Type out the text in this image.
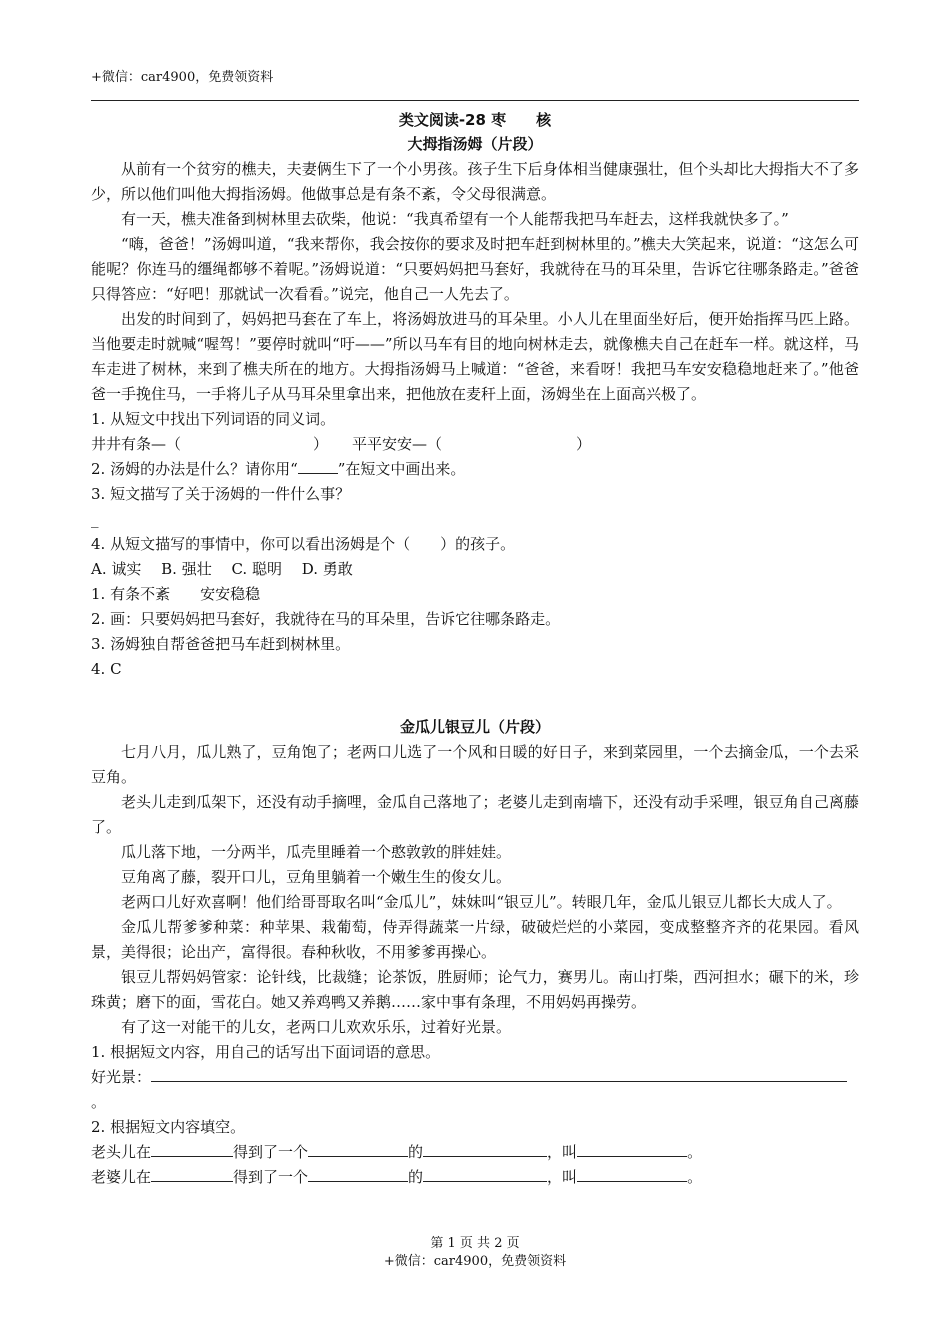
+微信：car4900，免费领资料
类文阅读-28 枣　　核
大拇指汤姆（片段）

从前有一个贫穷的樵夫，夫妻俩生下了一个小男孩。孩子生下后身体相当健康强壮，但个头却比大拇指大不了多少，所以他们叫他大拇指汤姆。他做事总是有条不紊，令父母很满意。

有一天，樵夫准备到树林里去砍柴，他说：“我真希望有一个人能帮我把马车赶去，这样我就快多了。”

“嗨，爸爸！”汤姆叫道，“我来帮你，我会按你的要求及时把车赶到树林里的。”樵夫大笑起来，说道：“这怎么可能呢？你连马的缰绳都够不着呢。”汤姆说道：“只要妈妈把马套好，我就待在马的耳朵里，告诉它往哪条路走。”爸爸只得答应：“好吧！那就试一次看看。”说完，他自己一人先去了。

出发的时间到了，妈妈把马套在了车上，将汤姆放进马的耳朵里。小人儿在里面坐好后，便开始指挥马匹上路。当他要走时就喊“喔驾！”要停时就叫“吁——”所以马车有目的地向树林走去，就像樵夫自己在赶车一样。就这样，马车走进了树林，来到了樵夫所在的地方。大拇指汤姆马上喊道：“爸爸，来看呀！我把马车安安稳稳地赶来了。”他爸爸一手挽住马，一手将儿子从马耳朵里拿出来，把他放在麦秆上面，汤姆坐在上面高兴极了。

1. 从短文中找出下列词语的同义词。

井井有条—（	） 平平安安—（	）

2. 汤姆的办法是什么？请你用“	”在短文中画出来。

3. 短文描写了关于汤姆的一件什么事？

_

4. 从短文描写的事情中，你可以看出汤姆是个（　　）的孩子。

A. 诚实　 B. 强壮　 C. 聪明　 D. 勇敢

1. 有条不紊　　安安稳稳

2. 画：只要妈妈把马套好，我就待在马的耳朵里，告诉它往哪条路走。

3. 汤姆独自帮爸爸把马车赶到树林里。

4. C

金瓜儿银豆儿（片段）

七月八月，瓜儿熟了，豆角饱了；老两口儿选了一个风和日暖的好日子，来到菜园里，一个去摘金瓜，一个去采豆角。

老头儿走到瓜架下，还没有动手摘哩，金瓜自己落地了；老婆儿走到南墙下，还没有动手采哩，银豆角自己离藤了。

瓜儿落下地，一分两半，瓜壳里睡着一个憨敦敦的胖娃娃。

豆角离了藤，裂开口儿，豆角里躺着一个嫩生生的俊女儿。

老两口儿好欢喜啊！他们给哥哥取名叫“金瓜儿”，妹妹叫“银豆儿”。转眼几年，金瓜儿银豆儿都长大成人了。

金瓜儿帮爹爹种菜：种苹果、栽葡萄，侍弄得蔬菜一片绿，破破烂烂的小菜园，变成整整齐齐的花果园。看风景，美得很；论出产，富得很。春种秋收，不用爹爹再操心。

银豆儿帮妈妈管家：论针线，比裁缝；论茶饭，胜厨师；论气力，赛男儿。南山打柴，西河担水；碾下的米，珍珠黄；磨下的面，雪花白。她又养鸡鸭又养鹅……家中事有条理，不用妈妈再操劳。

有了这一对能干的儿女，老两口儿欢欢乐乐，过着好光景。

1. 根据短文内容，用自己的话写出下面词语的意思。

好光景：。

2. 根据短文内容填空。

老头儿在	得到了一个	的	，叫	。

老婆儿在	得到了一个	的	，叫	。

第 1 页 共 2 页
+微信：car4900，免费领资料
